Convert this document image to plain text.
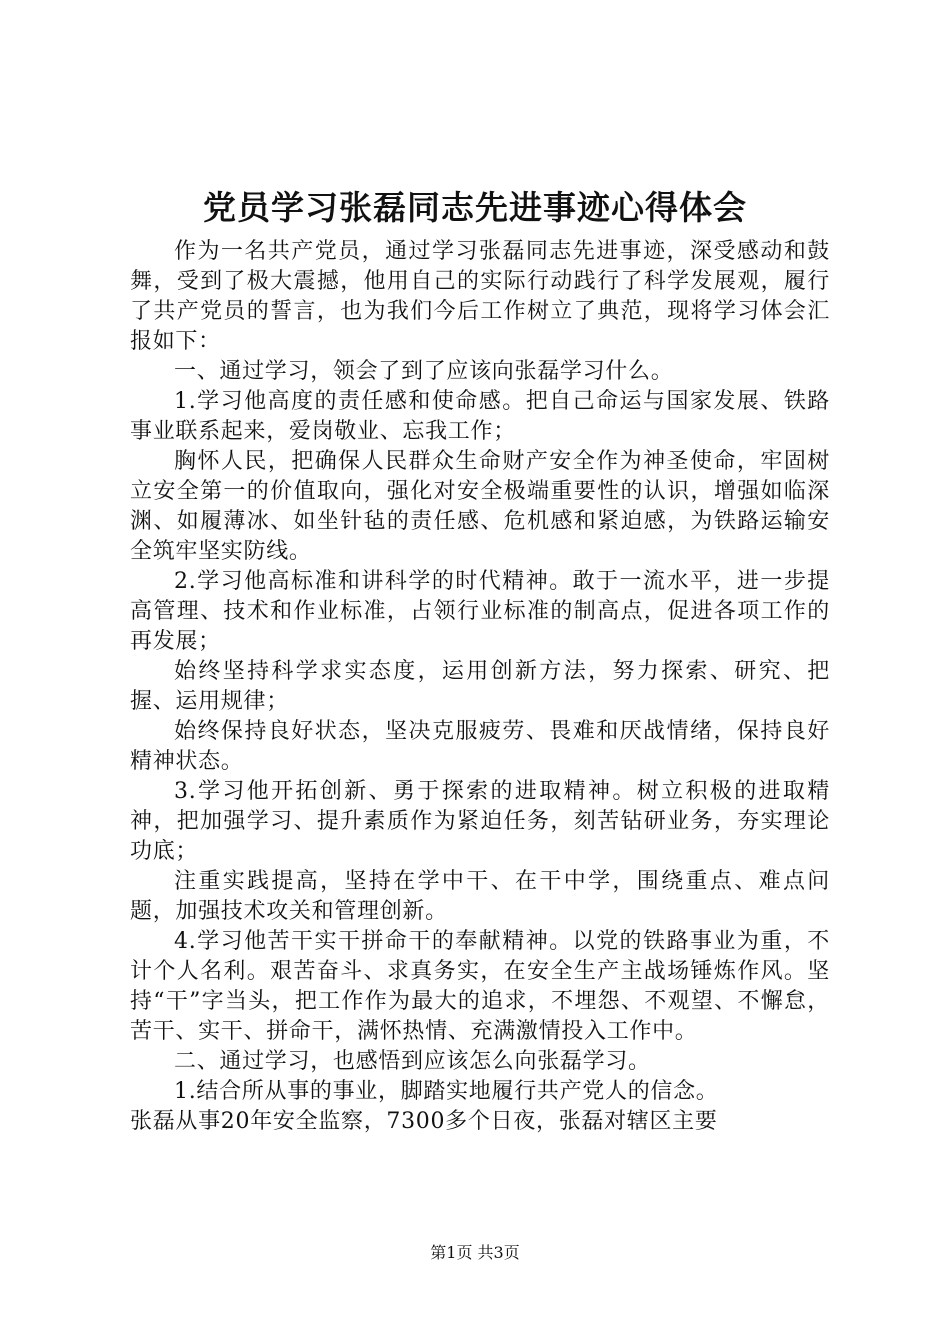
党员学习张磊同志先进事迹心得体会

作为一名共产党员，通过学习张磊同志先进事迹，深受感动和鼓舞，受到了极大震撼，他用自己的实际行动践行了科学发展观，履行了共产党员的誓言，也为我们今后工作树立了典范，现将学习体会汇报如下：

一、通过学习，领会了到了应该向张磊学习什么。

1.学习他高度的责任感和使命感。把自己命运与国家发展、铁路事业联系起来，爱岗敬业、忘我工作；

胸怀人民，把确保人民群众生命财产安全作为神圣使命，牢固树立安全第一的价值取向，强化对安全极端重要性的认识，增强如临深渊、如履薄冰、如坐针毡的责任感、危机感和紧迫感，为铁路运输安全筑牢坚实防线。

2.学习他高标准和讲科学的时代精神。敢于一流水平，进一步提高管理、技术和作业标准，占领行业标准的制高点，促进各项工作的再发展；

始终坚持科学求实态度，运用创新方法，努力探索、研究、把握、运用规律；

始终保持良好状态，坚决克服疲劳、畏难和厌战情绪，保持良好精神状态。

3.学习他开拓创新、勇于探索的进取精神。树立积极的进取精神，把加强学习、提升素质作为紧迫任务，刻苦钻研业务，夯实理论功底；

注重实践提高，坚持在学中干、在干中学，围绕重点、难点问题，加强技术攻关和管理创新。

4.学习他苦干实干拼命干的奉献精神。以党的铁路事业为重，不计个人名利。艰苦奋斗、求真务实，在安全生产主战场锤炼作风。坚持“干”字当头，把工作作为最大的追求，不埋怨、不观望、不懈怠，苦干、实干、拼命干，满怀热情、充满激情投入工作中。

二、通过学习，也感悟到应该怎么向张磊学习。

1.结合所从事的事业，脚踏实地履行共产党人的信念。

张磊从事20年安全监察，7300多个日夜，张磊对辖区主要

第1页 共3页
